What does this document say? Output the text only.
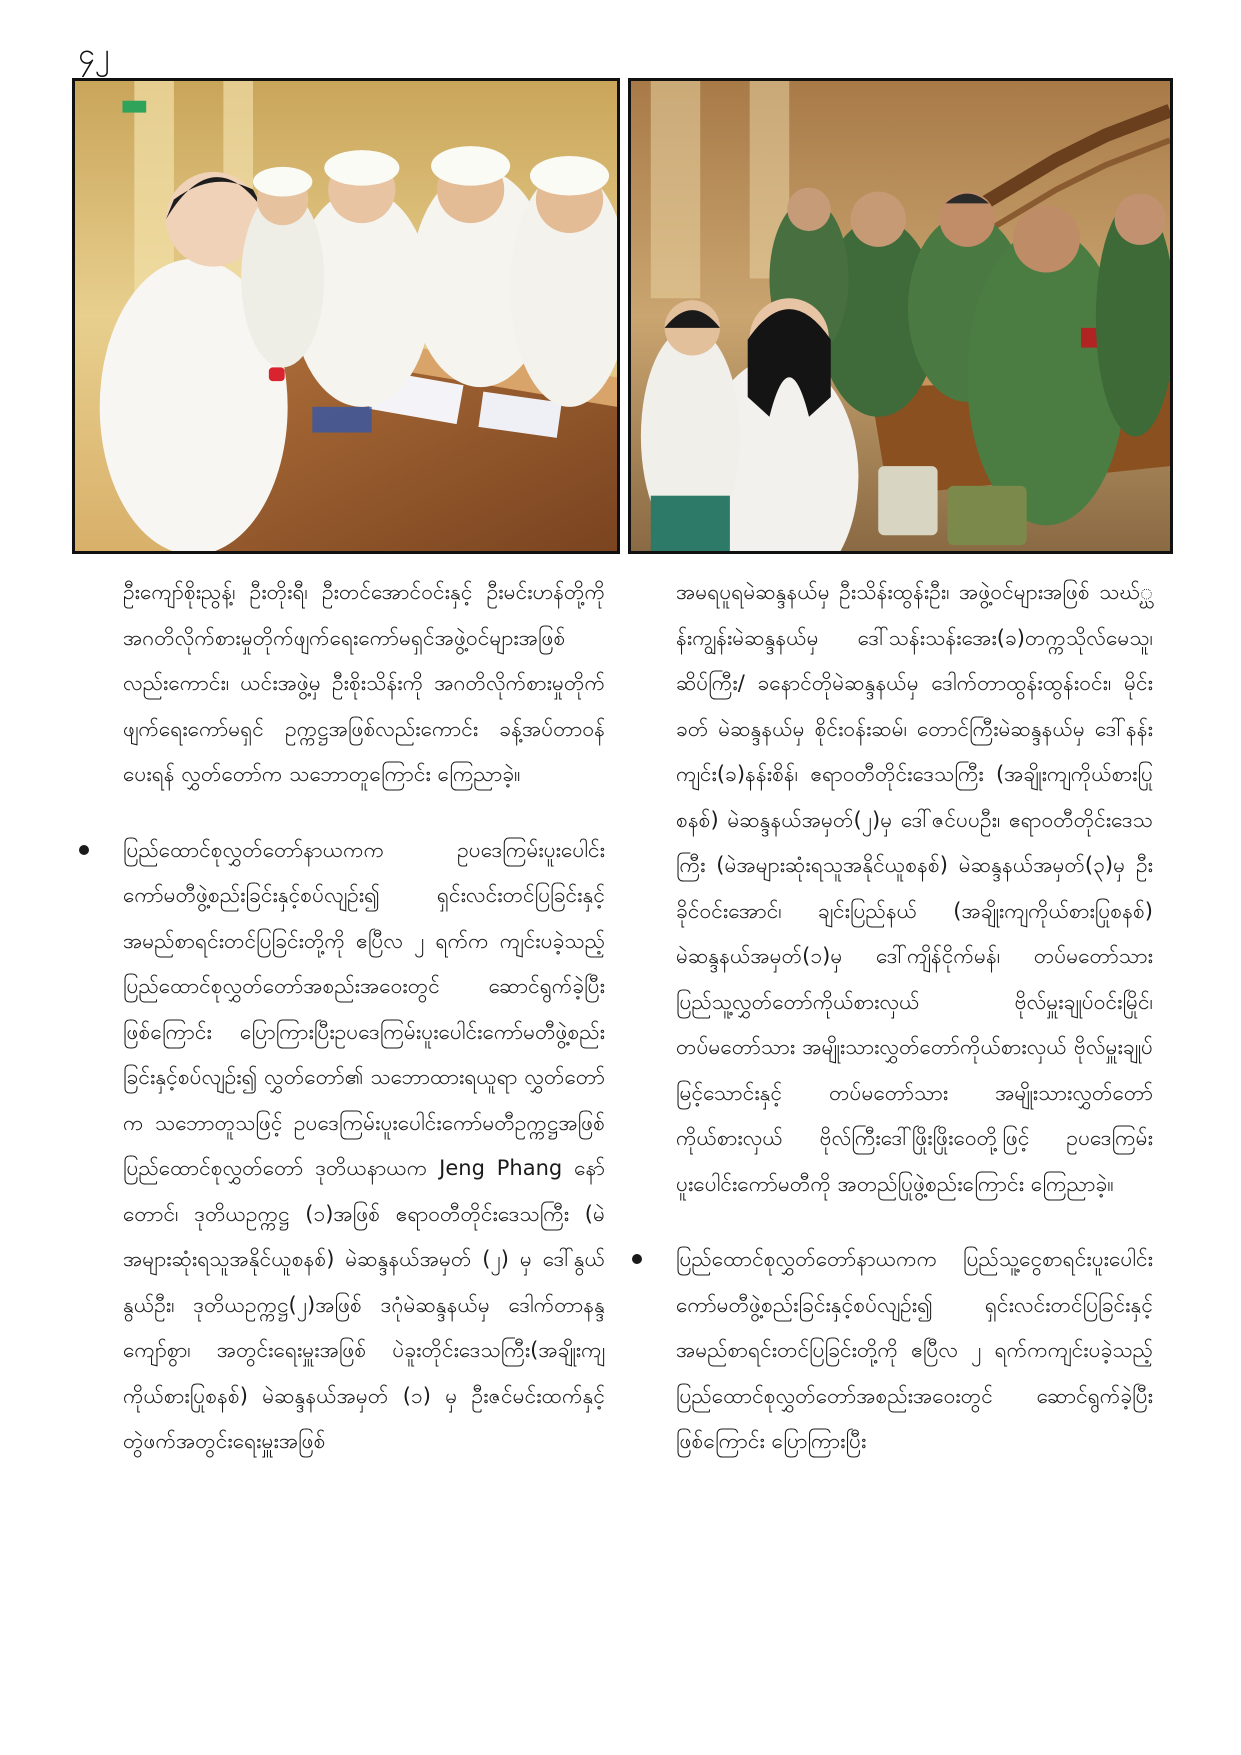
၄၂

ဦးကျော်စိုးညွန့်၊ ဦးတိုးရီ၊ ဦးတင်အောင်ဝင်းနှင့် ဦးမင်းဟန်တို့ကို အဂတိလိုက်စားမှုတိုက်ဖျက်ရေးကော်မရှင်အဖွဲ့ဝင်များအဖြစ်လည်းကောင်း၊ ယင်းအဖွဲ့မှ ဦးစိုးသိန်းကို အဂတိလိုက်စားမှုတိုက်ဖျက်ရေးကော်မရှင် ဥက္ကဋ္ဌအဖြစ်လည်းကောင်း ခန့်အပ်တာဝန် ပေးရန် လွှတ်တော်က သဘောတူကြောင်း ကြေညာခဲ့။

ပြည်ထောင်စုလွှတ်တော်နာယကက ဥပဒေကြမ်းပူးပေါင်းကော်မတီဖွဲ့စည်းခြင်းနှင့်စပ်လျဉ်း၍ ရှင်းလင်းတင်ပြခြင်းနှင့် အမည်စာရင်းတင်ပြခြင်းတို့ကို ဧပြီလ ၂ ရက်က ကျင်းပခဲ့သည့် ပြည်ထောင်စုလွှတ်တော်အစည်းအဝေးတွင် ဆောင်ရွက်ခဲ့ပြီးဖြစ်ကြောင်း ပြောကြားပြီးဥပဒေကြမ်းပူးပေါင်းကော်မတီဖွဲ့စည်းခြင်းနှင့်စပ်လျဉ်း၍ လွှတ်တော်၏ သဘောထားရယူရာ လွှတ်တော်က သဘောတူသဖြင့် ဥပဒေကြမ်းပူးပေါင်းကော်မတီဥက္ကဋ္ဌအဖြစ် ပြည်ထောင်စုလွှတ်တော် ဒုတိယနာယက Jeng Phang နော်တောင်၊ ဒုတိယဥက္ကဋ္ဌ (၁)အဖြစ် ဧရာဝတီတိုင်းဒေသကြီး (မဲအများဆုံးရသူအနိုင်ယူစနစ်) မဲဆန္ဒနယ်အမှတ် (၂) မှ ဒေါ်နွယ်နွယ်ဦး၊ ဒုတိယဥက္ကဋ္ဌ(၂)အဖြစ် ဒဂုံမဲဆန္ဒနယ်မှ ဒေါက်တာနန္ဒကျော်စွာ၊ အတွင်းရေးမှူးအဖြစ် ပဲခူးတိုင်းဒေသကြီး(အချိုးကျကိုယ်စားပြုစနစ်) မဲဆန္ဒနယ်အမှတ် (၁) မှ ဦးဇင်မင်းထက်နှင့် တွဲဖက်အတွင်းရေးမှူးအဖြစ်

အမရပူရမဲဆန္ဒနယ်မှ ဦးသိန်းထွန်းဦး၊ အဖွဲ့ဝင်များအဖြစ် သဃ်္ဃန်းကျွန်းမဲဆန္ဒနယ်မှ ဒေါ်သန်းသန်းအေး(ခ)တက္ကသိုလ်မေသူ၊ ဆိပ်ကြီး/ ခနောင်တိုမဲဆန္ဒနယ်မှ ဒေါက်တာထွန်းထွန်းဝင်း၊ မိုင်းခတ် မဲဆန္ဒနယ်မှ စိုင်းဝန်းဆမ်၊ တောင်ကြီးမဲဆန္ဒနယ်မှ ဒေါ်နန်းကျင်း(ခ)နန်းစိန်၊ ဧရာဝတီတိုင်းဒေသကြီး (အချိုးကျကိုယ်စားပြုစနစ်) မဲဆန္ဒနယ်အမှတ်(၂)မှ ဒေါ်ဇင်ပပဦး၊ ဧရာဝတီတိုင်းဒေသကြီး (မဲအများဆုံးရသူအနိုင်ယူစနစ်) မဲဆန္ဒနယ်အမှတ်(၃)မှ ဦးခိုင်ဝင်းအောင်၊ ချင်းပြည်နယ် (အချိုးကျကိုယ်စားပြုစနစ်) မဲဆန္ဒနယ်အမှတ်(၁)မှ ဒေါ်ကျိန်ငိုက်မန်၊ တပ်မတော်သား ပြည်သူ့လွှတ်တော်ကိုယ်စားလှယ် ဗိုလ်မှူးချုပ်ဝင်းမြိုင်၊ တပ်မတော်သား အမျိုးသားလွှတ်တော်ကိုယ်စားလှယ် ဗိုလ်မှူးချုပ်မြင့်သောင်းနှင့် တပ်မတော်သား အမျိုးသားလွှတ်တော်ကိုယ်စားလှယ် ဗိုလ်ကြီးဒေါ်ဖြိုးဖြိုးဝေတို့ဖြင့် ဥပဒေကြမ်းပူးပေါင်းကော်မတီကို အတည်ပြုဖွဲ့စည်းကြောင်း ကြေညာခဲ့။

ပြည်ထောင်စုလွှတ်တော်နာယကက ပြည်သူ့ငွေစာရင်းပူးပေါင်းကော်မတီဖွဲ့စည်းခြင်းနှင့်စပ်လျဉ်း၍ ရှင်းလင်းတင်ပြခြင်းနှင့် အမည်စာရင်းတင်ပြခြင်းတို့ကို ဧပြီလ ၂ ရက်ကကျင်းပခဲ့သည့် ပြည်ထောင်စုလွှတ်တော်အစည်းအဝေးတွင် ဆောင်ရွက်ခဲ့ပြီးဖြစ်ကြောင်း ပြောကြားပြီး
